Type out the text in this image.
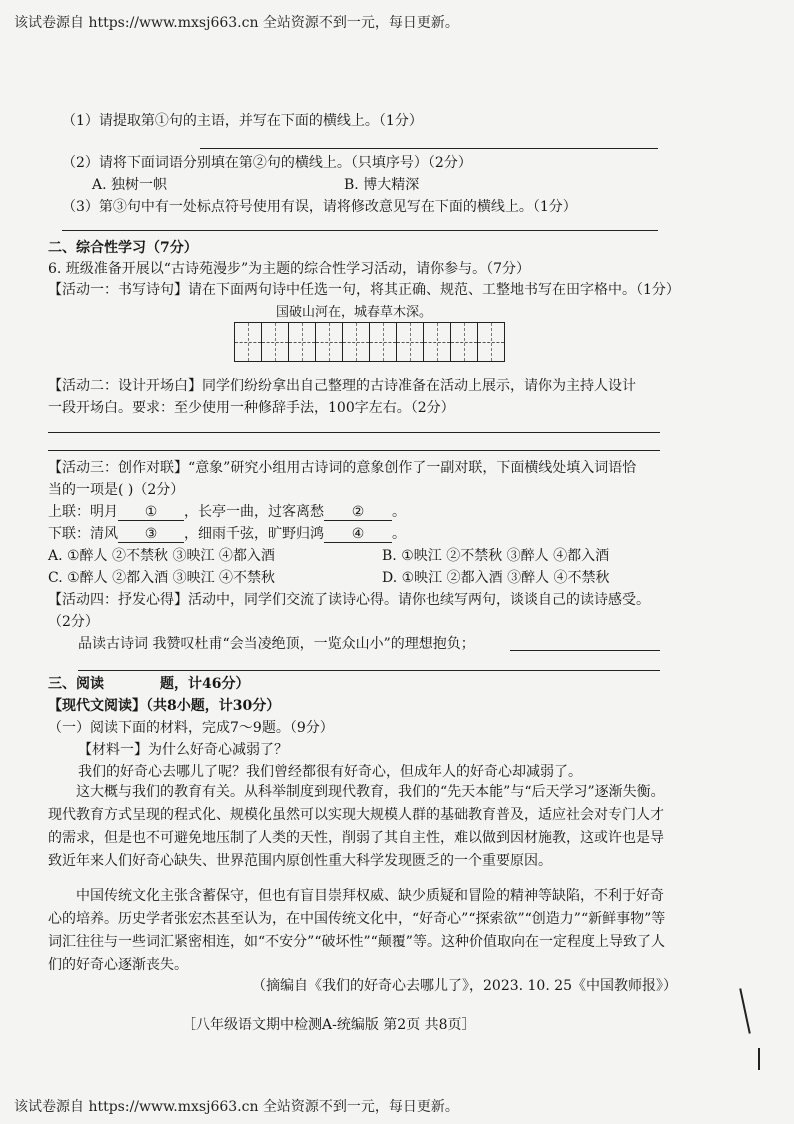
该试卷源自 https://www.mxsj663.cn 全站资源不到一元，每日更新。
（1）请提取第①句的主语，并写在下面的横线上。（1分）
（2）请将下面词语分别填在第②句的横线上。（只填序号）（2分）
A. 独树一帜	B. 博大精深
（3）第③句中有一处标点符号使用有误，请将修改意见写在下面的横线上。（1分）
二、综合性学习（7分）
6. 班级准备开展以“古诗苑漫步”为主题的综合性学习活动，请你参与。（7分）
【活动一：书写诗句】请在下面两句诗中任选一句，将其正确、规范、工整地书写在田字格中。（1分）
国破山河在，城春草木深。
【活动二：设计开场白】同学们纷纷拿出自己整理的古诗准备在活动上展示，请你为主持人设计
一段开场白。要求：至少使用一种修辞手法，100字左右。（2分）
【活动三：创作对联】“意象”研究小组用古诗词的意象创作了一副对联，下面横线处填入词语恰
当的一项是( )（2分）
上联：明月 ① ，长亭一曲，过客离愁 ② 。
下联：清风 ③ ，细雨千弦，旷野归鸿 ④ 。
A. ①醉人 ②不禁秋 ③映江 ④都入酒	B. ①映江 ②不禁秋 ③醉人 ④都入酒
C. ①醉人 ②都入酒 ③映江 ④不禁秋	D. ①映江 ②都入酒 ③醉人 ④不禁秋
【活动四：抒发心得】活动中，同学们交流了读诗心得。请你也续写两句，谈谈自己的读诗感受。
（2分）
品读古诗词 我赞叹杜甫“会当凌绝顶，一览众山小”的理想抱负；
三、阅读	题，计46分）
【现代文阅读】（共8小题，计30分）
（一）阅读下面的材料，完成7～9题。（9分）
【材料一】为什么好奇心减弱了？
我们的好奇心去哪儿了呢？我们曾经都很有好奇心，但成年人的好奇心却减弱了。
这大概与我们的教育有关。从科举制度到现代教育，我们的“先天本能”与“后天学习”逐渐失衡。现代教育方式呈现的程式化、规模化虽然可以实现大规模人群的基础教育普及，适应社会对专门人才的需求，但是也不可避免地压制了人类的天性，削弱了其自主性，难以做到因材施教，这或许也是导致近年来人们好奇心缺失、世界范围内原创性重大科学发现匮乏的一个重要原因。
中国传统文化主张含蓄保守，但也有盲目崇拜权威、缺少质疑和冒险的精神等缺陷，不利于好奇心的培养。历史学者张宏杰甚至认为，在中国传统文化中，“好奇心”“探索欲”“创造力”“新鲜事物”等词汇往往与一些词汇紧密相连，如“不安分”“破坏性”“颠覆”等。这种价值取向在一定程度上导致了人们的好奇心逐渐丧失。
（摘编自《我们的好奇心去哪儿了》，2023. 10. 25《中国教师报》）
［八年级语文期中检测A-统编版 第2页 共8页］
该试卷源自 https://www.mxsj663.cn 全站资源不到一元，每日更新。
